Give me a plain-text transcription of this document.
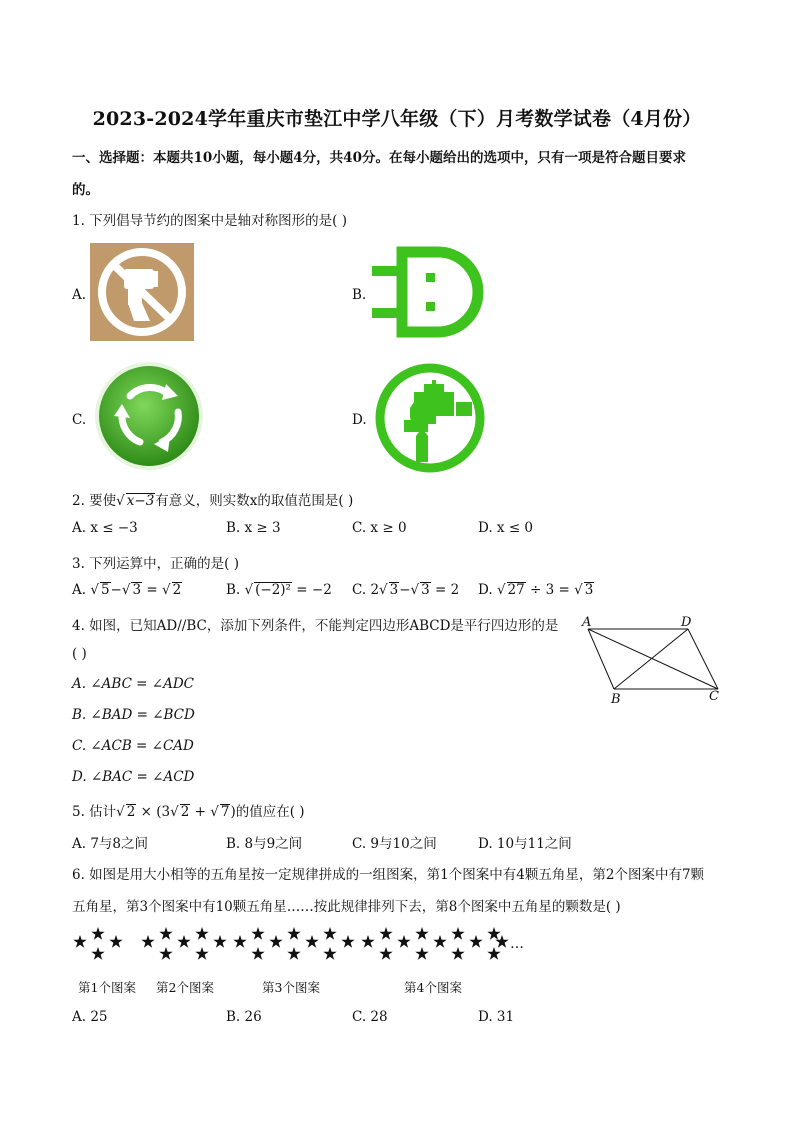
2023-2024学年重庆市垫江中学八年级（下）月考数学试卷（4月份）
一、选择题：本题共10小题，每小题4分，共40分。在每小题给出的选项中，只有一项是符合题目要求
的。
1. 下列倡导节约的图案中是轴对称图形的是( )
A.	B.
C.	D.
2. 要使√ x−3有意义，则实数x的取值范围是( )
A. x ≤ −3	B. x ≥ 3	C. x ≥ 0	D. x ≤ 0
3. 下列运算中，正确的是( )
A. √ 5−√ 3 = √ 2	B. √ (−2)² = −2 C. 2√ 3−√ 3 = 2 D. √ 27 ÷ 3 = √ 3
4. 如图，已知AD//BC，添加下列条件，不能判定四边形ABCD是平行四边形的是
( )
A. ∠ABC = ∠ADC
B. ∠BAD = ∠BCD
C. ∠ACB = ∠CAD
D. ∠BAC = ∠ACD
A	D
B	C
5. 估计√ 2 × (3√ 2 + √ 7)的值应在( )
A. 7与8之间	B. 8与9之间	C. 9与10之间	D. 10与11之间
6. 如图是用大小相等的五角星按一定规律拼成的一组图案，第1个图案中有4颗五角星，第2个图案中有7颗
五角星，第3个图案中有10颗五角星……按此规律排列下去，第8个图案中五角星的颗数是( )
…
第1个图案 第2个图案	第3个图案	第4个图案
A. 25	B. 26	C. 28	D. 31
